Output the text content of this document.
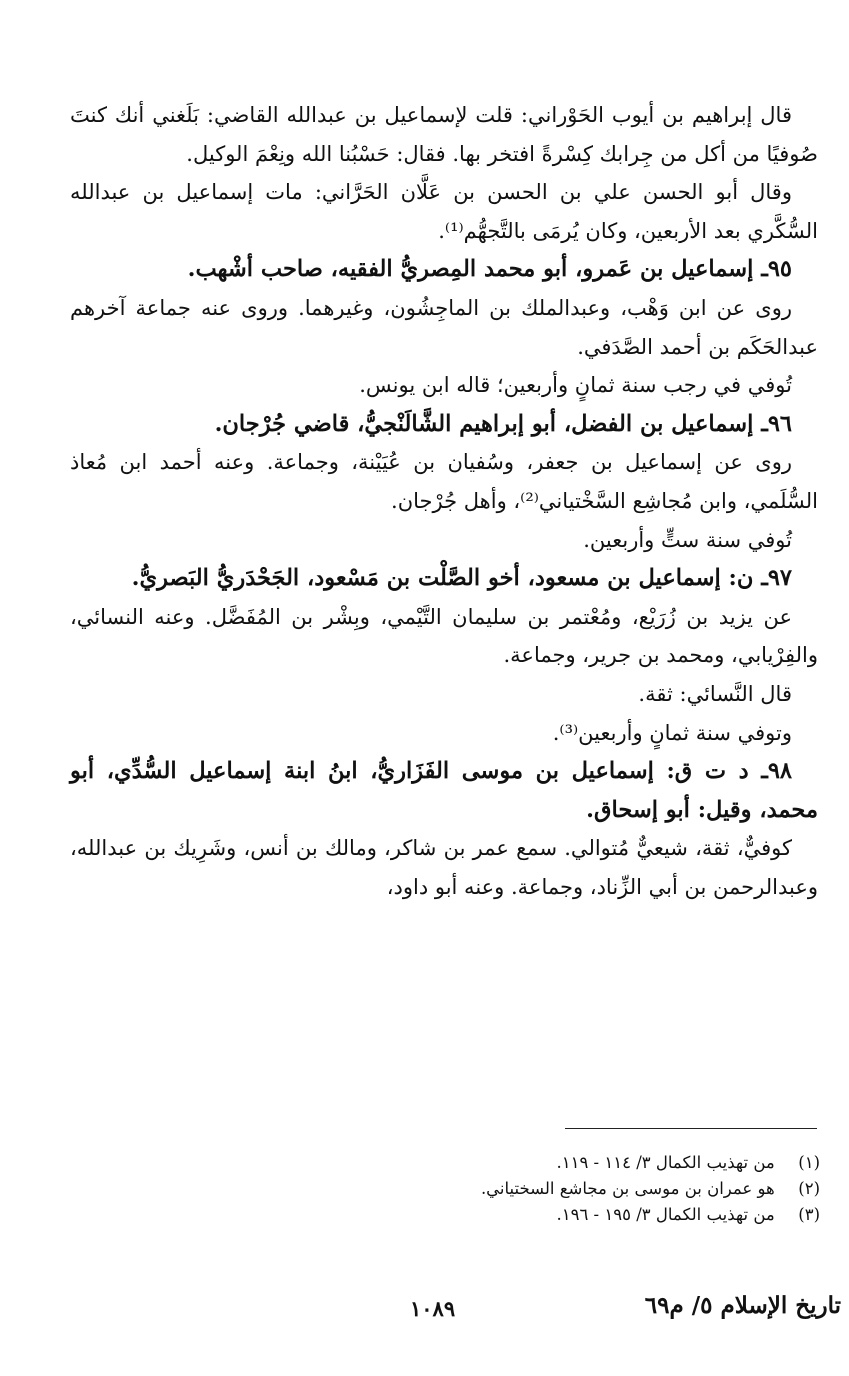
قال إبراهيم بن أيوب الحَوْراني: قلت لإسماعيل بن عبدالله القاضي: بَلَغني أنك كنتَ صُوفيًا من أكل من جِرابك كِسْرةً افتخر بها. فقال: حَسْبُنا الله ونِعْمَ الوكيل.

وقال أبو الحسن علي بن الحسن بن عَلَّان الحَرَّاني: مات إسماعيل بن عبدالله السُّكَّري بعد الأربعين، وكان يُرمَى بالتَّجهُّم⁽¹⁾.

٩٥ـ إسماعيل بن عَمرو، أبو محمد المِصريُّ الفقيه، صاحب أشْهب.

روى عن ابن وَهْب، وعبدالملك بن الماجِشُون، وغيرهما. وروى عنه جماعة آخرهم عبدالحَكَم بن أحمد الصَّدَفي.

تُوفي في رجب سنة ثمانٍ وأربعين؛ قاله ابن يونس.

٩٦ـ إسماعيل بن الفضل، أبو إبراهيم الشَّالَنْجيُّ، قاضي جُرْجان.

روى عن إسماعيل بن جعفر، وسُفيان بن عُيَيْنة، وجماعة. وعنه أحمد ابن مُعاذ السُّلَمي، وابن مُجاشِع السَّخْتياني⁽²⁾، وأهل جُرْجان.

تُوفي سنة ستٍّ وأربعين.

٩٧ـ ن: إسماعيل بن مسعود، أخو الصَّلْت بن مَسْعود، الجَحْدَريُّ البَصريُّ.

عن يزيد بن زُرَيْع، ومُعْتمر بن سليمان التَّيْمي، وبِشْر بن المُفَضَّل. وعنه النسائي، والفِرْيابي، ومحمد بن جرير، وجماعة.

قال النَّسائي: ثقة.

وتوفي سنة ثمانٍ وأربعين⁽³⁾.

٩٨ـ د ت ق: إسماعيل بن موسى الفَزَاريُّ، ابنُ ابنة إسماعيل السُّدِّي، أبو محمد، وقيل: أبو إسحاق.

كوفيٌّ، ثقة، شيعيٌّ مُتوالي. سمع عمر بن شاكر، ومالك بن أنس، وشَرِيك بن عبدالله، وعبدالرحمن بن أبي الزِّناد، وجماعة. وعنه أبو داود،

(١) من تهذيب الكمال ٣/ ١١٤ - ١١٩.

(٢) هو عمران بن موسى بن مجاشع السختياني.

(٣) من تهذيب الكمال ٣/ ١٩٥ - ١٩٦.

تاريخ الإسلام ٥/ م٦٩
١٠٨٩
